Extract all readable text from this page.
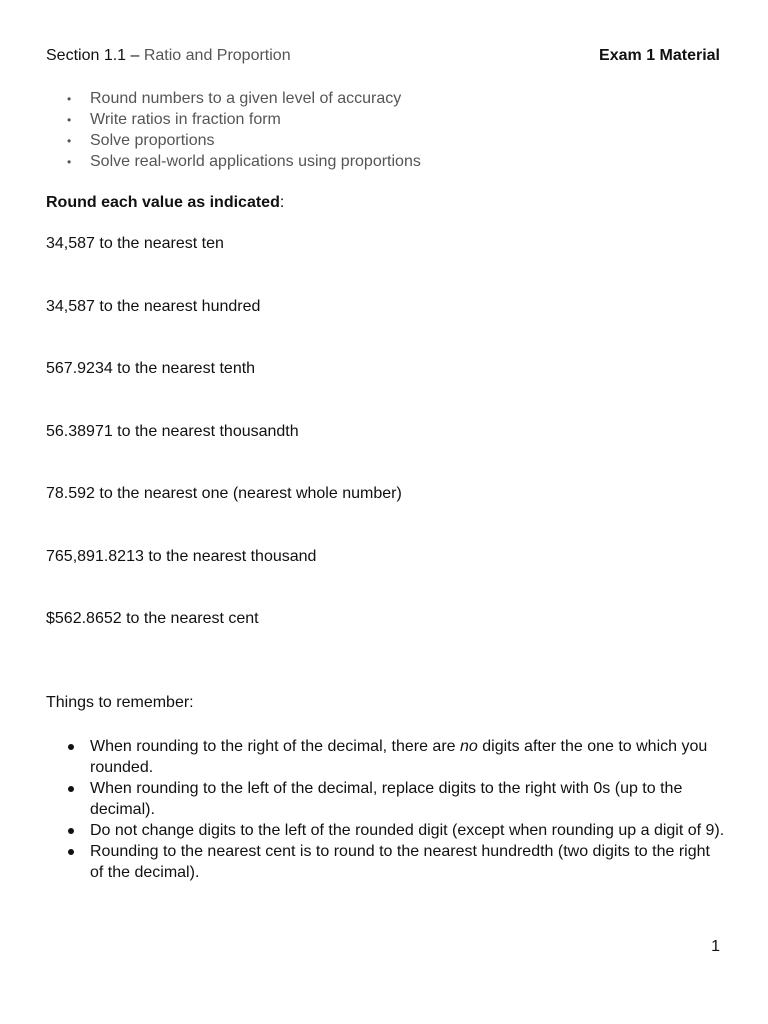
Section 1.1 – Ratio and Proportion	Exam 1 Material
• Round numbers to a given level of accuracy
• Write ratios in fraction form
• Solve proportions
• Solve real-world applications using proportions
Round each value as indicated:
34,587 to the nearest ten
34,587 to the nearest hundred
567.9234 to the nearest tenth
56.38971 to the nearest thousandth
78.592 to the nearest one (nearest whole number)
765,891.8213 to the nearest thousand
$562.8652 to the nearest cent
Things to remember:
When rounding to the right of the decimal, there are no digits after the one to which you rounded.
When rounding to the left of the decimal, replace digits to the right with 0s (up to the decimal).
Do not change digits to the left of the rounded digit (except when rounding up a digit of 9).
Rounding to the nearest cent is to round to the nearest hundredth (two digits to the right of the decimal).
1
